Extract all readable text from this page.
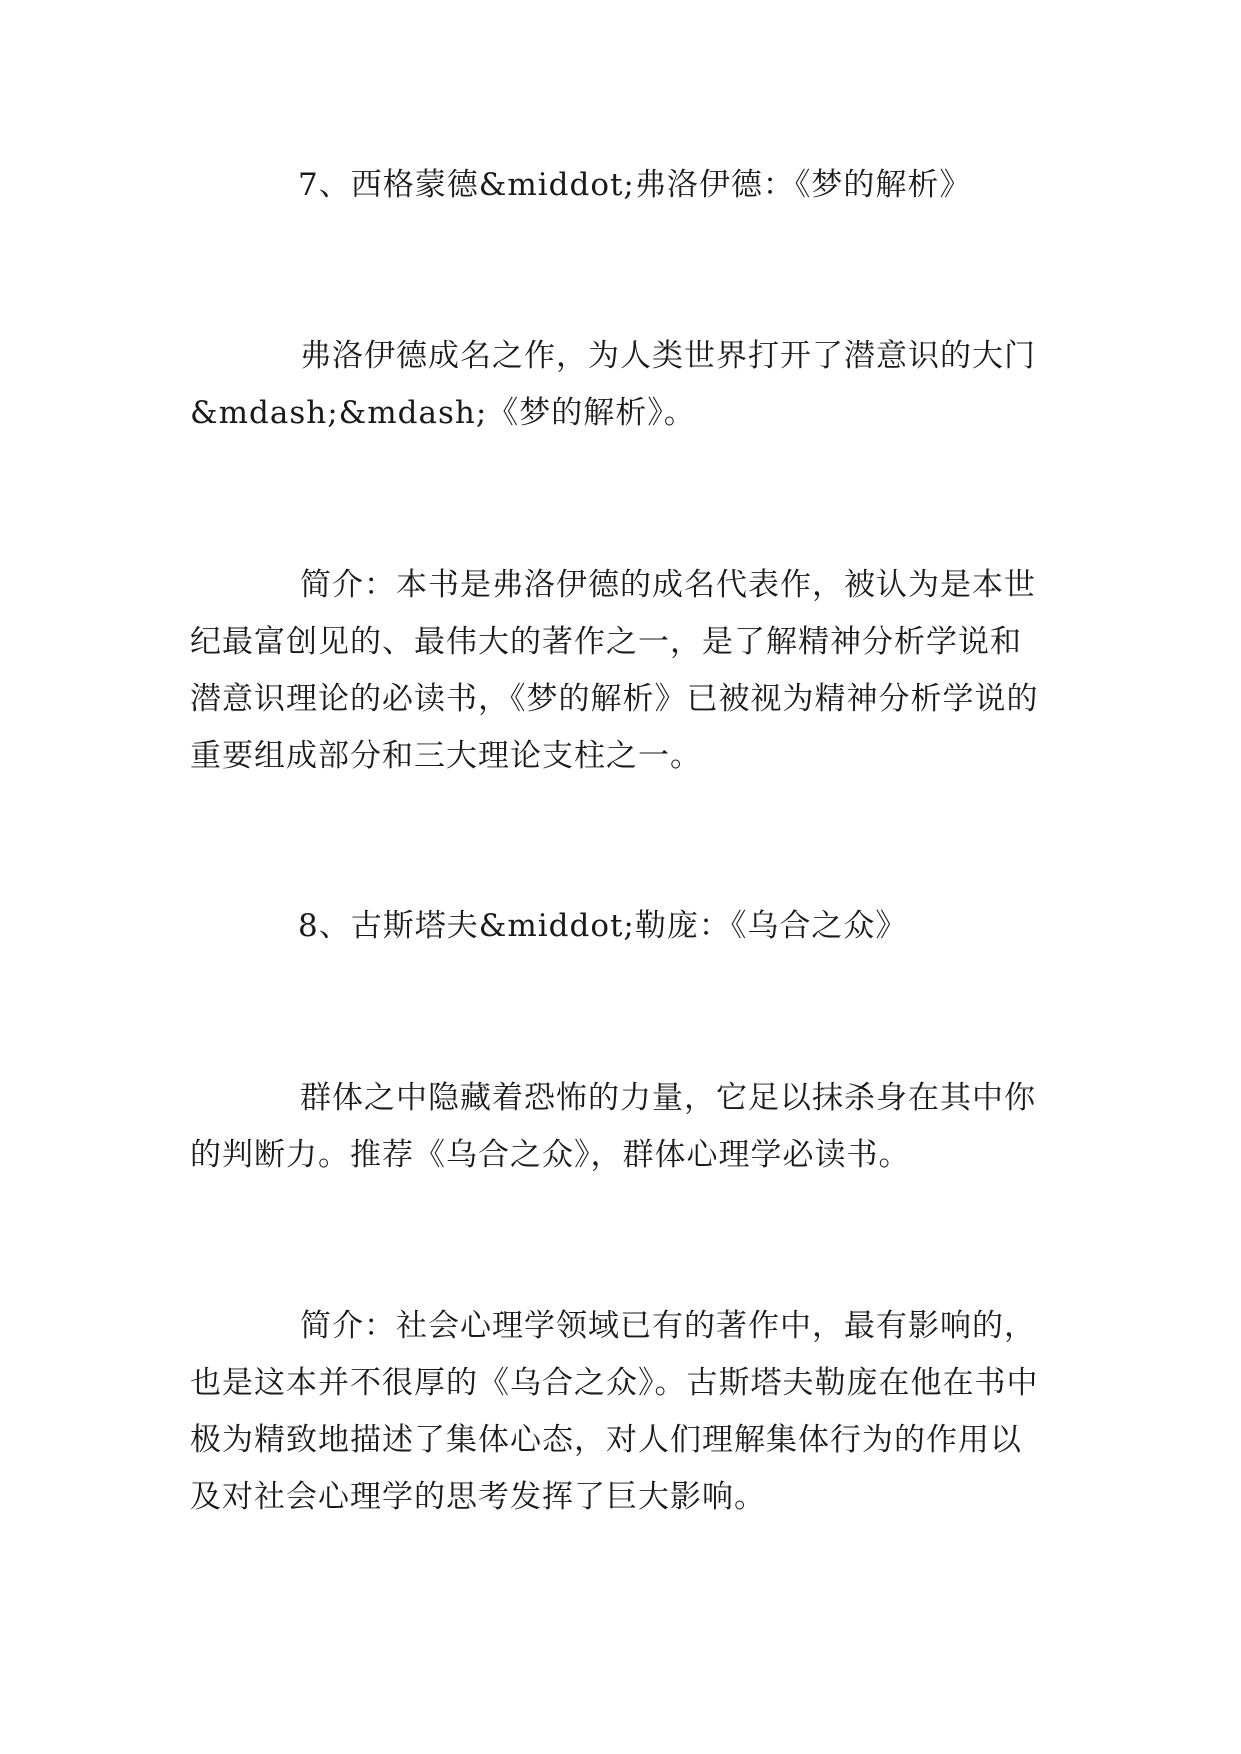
7、西格蒙德&middot;弗洛伊德：《梦的解析》

弗洛伊德成名之作，为人类世界打开了潜意识的大门&mdash;&mdash;《梦的解析》。

简介：本书是弗洛伊德的成名代表作，被认为是本世纪最富创见的、最伟大的著作之一，是了解精神分析学说和潜意识理论的必读书，《梦的解析》已被视为精神分析学说的重要组成部分和三大理论支柱之一。

8、古斯塔夫&middot;勒庞：《乌合之众》

群体之中隐藏着恐怖的力量，它足以抹杀身在其中你的判断力。推荐《乌合之众》，群体心理学必读书。

简介：社会心理学领域已有的著作中，最有影响的，也是这本并不很厚的《乌合之众》。古斯塔夫勒庞在他在书中极为精致地描述了集体心态，对人们理解集体行为的作用以及对社会心理学的思考发挥了巨大影响。
